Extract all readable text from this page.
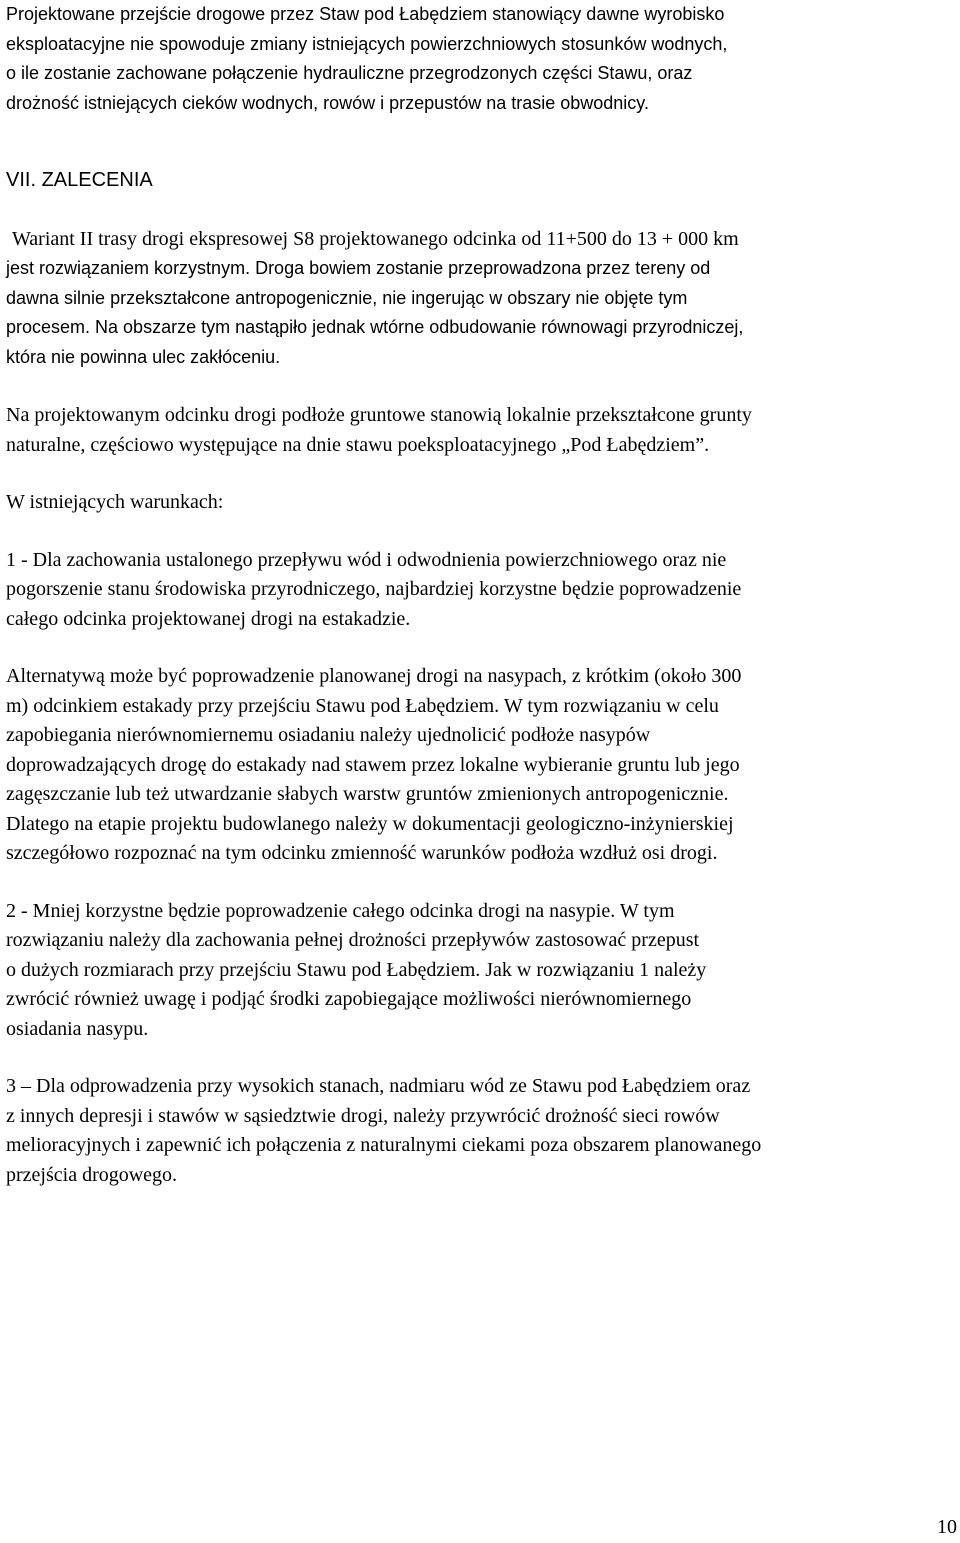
Projektowane przejście drogowe przez Staw pod Łabędziem stanowiący dawne wyrobisko
eksploatacyjne nie spowoduje zmiany istniejących powierzchniowych stosunków wodnych,
o ile zostanie zachowane połączenie hydrauliczne przegrodzonych części Stawu, oraz
drożność istniejących cieków wodnych, rowów i przepustów na trasie obwodnicy.
VII. ZALECENIA
Wariant II trasy drogi ekspresowej S8 projektowanego odcinka od 11+500 do 13 + 000 km
jest rozwiązaniem korzystnym. Droga bowiem zostanie przeprowadzona przez tereny od
dawna silnie przekształcone antropogenicznie, nie ingerując w obszary nie objęte tym
procesem. Na obszarze tym nastąpiło jednak wtórne odbudowanie równowagi przyrodniczej,
która nie powinna ulec zakłóceniu.
Na projektowanym odcinku drogi podłoże gruntowe stanowią lokalnie przekształcone grunty
naturalne, częściowo występujące na dnie stawu poeksploatacyjnego „Pod Łabędziem”.
W istniejących warunkach:
1 - Dla zachowania ustalonego przepływu wód i odwodnienia powierzchniowego oraz nie
pogorszenie stanu środowiska przyrodniczego, najbardziej korzystne będzie poprowadzenie
całego odcinka projektowanej drogi na estakadzie.
Alternatywą może być poprowadzenie planowanej drogi na nasypach, z krótkim (około 300
m) odcinkiem estakady przy przejściu Stawu pod Łabędziem. W tym rozwiązaniu w celu
zapobiegania nierównomiernemu osiadaniu należy ujednolicić podłoże nasypów
doprowadzających drogę do estakady nad stawem przez lokalne wybieranie gruntu lub jego
zagęszczanie lub też utwardzanie słabych warstw gruntów zmienionych antropogenicznie.
Dlatego na etapie projektu budowlanego należy w dokumentacji geologiczno-inżynierskiej
szczegółowo rozpoznać na tym odcinku zmienność warunków podłoża wzdłuż osi drogi.
2 - Mniej korzystne będzie poprowadzenie całego odcinka drogi na nasypie. W tym
rozwiązaniu należy dla zachowania pełnej drożności przepływów zastosować przepust
o dużych rozmiarach przy przejściu Stawu pod Łabędziem. Jak w rozwiązaniu 1 należy
zwrócić również uwagę i podjąć środki zapobiegające możliwości nierównomiernego
osiadania nasypu.
3 – Dla odprowadzenia przy wysokich stanach, nadmiaru wód ze Stawu pod Łabędziem oraz
z innych depresji i stawów w sąsiedztwie drogi, należy przywrócić drożność sieci rowów
melioracyjnych i zapewnić ich połączenia z naturalnymi ciekami poza obszarem planowanego
przejścia drogowego.
10
